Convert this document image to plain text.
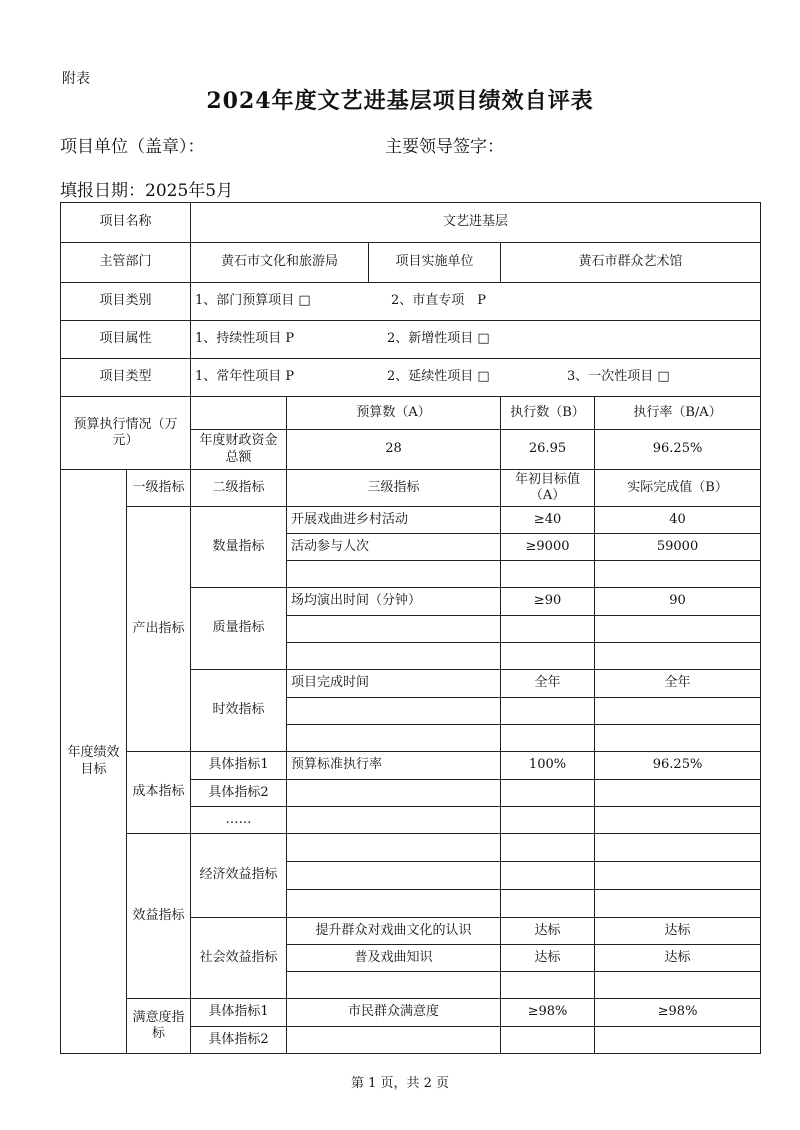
附表
2024年度文艺进基层项目绩效自评表
项目单位（盖章）：	主要领导签字：
填报日期：2025年5月
项目名称		文艺进基层				
主管部门		黄石市文化和旅游局		项目实施单位	黄石市群众艺术馆	
项目类别		1、部门预算项目 □ 2、市直专项　P				

项目属性		1、持续性项目 P 2、新增性项目 □				

项目类型		1、常年性项目 P 2、延续性项目 □ 3、一次性项目 □				

预算执行情况（万元）			预算数（A）		执行数（B）	执行率（B/A）
		年度财政资金总额	28		26.95	96.25%
年度绩效目标	一级指标	二级指标	三级指标		年初目标值（A）	实际完成值（B）
	产出指标	数量指标	开展戏曲进乡村活动		≥40	40
			活动参与人次		≥9000	59000

		质量指标	场均演出时间（分钟）		≥90	90

		时效指标	项目完成时间		全年	全年

	成本指标	具体指标1	预算标准执行率		100%	96.25%
		具体指标2				
		……				
	效益指标	经济效益指标				

		社会效益指标	提升群众对戏曲文化的认识		达标	达标
			普及戏曲知识		达标	达标

	满意度指标	具体指标1	市民群众满意度		≥98%	≥98%
		具体指标2				
第 1 页，共 2 页
